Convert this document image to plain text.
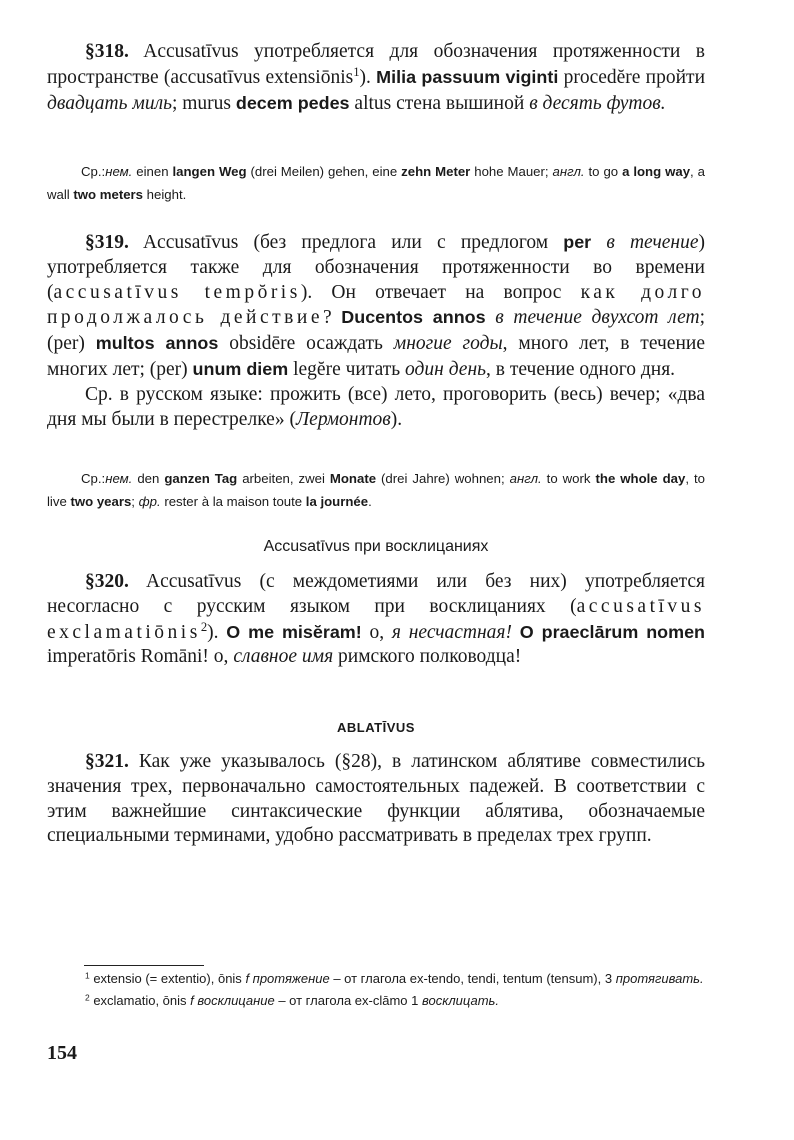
§318. Accusatīvus употребляется для обозначения протяженности в пространстве (accusatīvus extensiōnis$^1$). Milia passuum viginti procedĕre пройти двадцать миль; murus decem pedes altus стена вышиной в десять футов.

Ср.:нем. einen langen Weg (drei Meilen) gehen, eine zehn Meter hohe Mauer; англ. to go a long way, a wall two meters height.

§319. Accusatīvus (без предлога или с предлогом per в течение) употребляется также для обозначения протяженности во времени (accusatīvus tempŏris). Он отвечает на вопрос как долго продолжалось действие? Ducentos annos в течение двухсот лет; (per) multos annos obsidēre осаждать многие годы, много лет, в течение многих лет; (per) unum diem legĕre читать один день, в течение одного дня.

Ср. в русском языке: прожить (все) лето, проговорить (весь) вечер; «два дня мы были в перестрелке» (Лермонтов).

Ср.:нем. den ganzen Tag arbeiten, zwei Monate (drei Jahre) wohnen; англ. to work the whole day, to live two years; фр. rester à la maison toute la journée.

Accusatīvus при восклицаниях

§320. Accusatīvus (с междометиями или без них) употребляется несогласно с русским языком при восклицаниях (accusatīvus exclamatiōnis$^2$). O me misĕram! о, я несчастная! O praeclārum nomen imperatōris Romāni! о, славное имя римского полководца!

ABLATĪVUS

§321. Как уже указывалось (§28), в латинском аблятиве совместились значения трех, первоначально самостоятельных падежей. В соответствии с этим важнейшие синтаксические функции аблятива, обозначаемые специальными терминами, удобно рассматривать в пределах трех групп.

$^1$ extensio (= extentio), ōnis f протяжение – от глагола ex-tendo, tendi, tentum (tensum), 3 протягивать.

$^2$ exclamatio, ōnis f восклицание – от глагола ex-clāmo 1 восклицать.

154
